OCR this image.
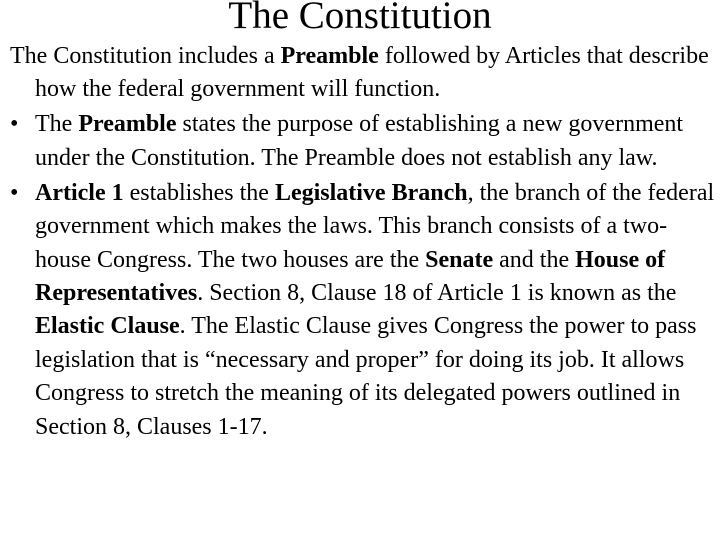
The Constitution

The Constitution includes a Preamble followed by Articles that describe how the federal government will function.

• The Preamble states the purpose of establishing a new government under the Constitution. The Preamble does not establish any law.

• Article 1 establishes the Legislative Branch, the branch of the federal government which makes the laws. This branch consists of a two-house Congress. The two houses are the Senate and the House of Representatives. Section 8, Clause 18 of Article 1 is known as the Elastic Clause. The Elastic Clause gives Congress the power to pass legislation that is “necessary and proper” for doing its job. It allows Congress to stretch the meaning of its delegated powers outlined in Section 8, Clauses 1-17.
